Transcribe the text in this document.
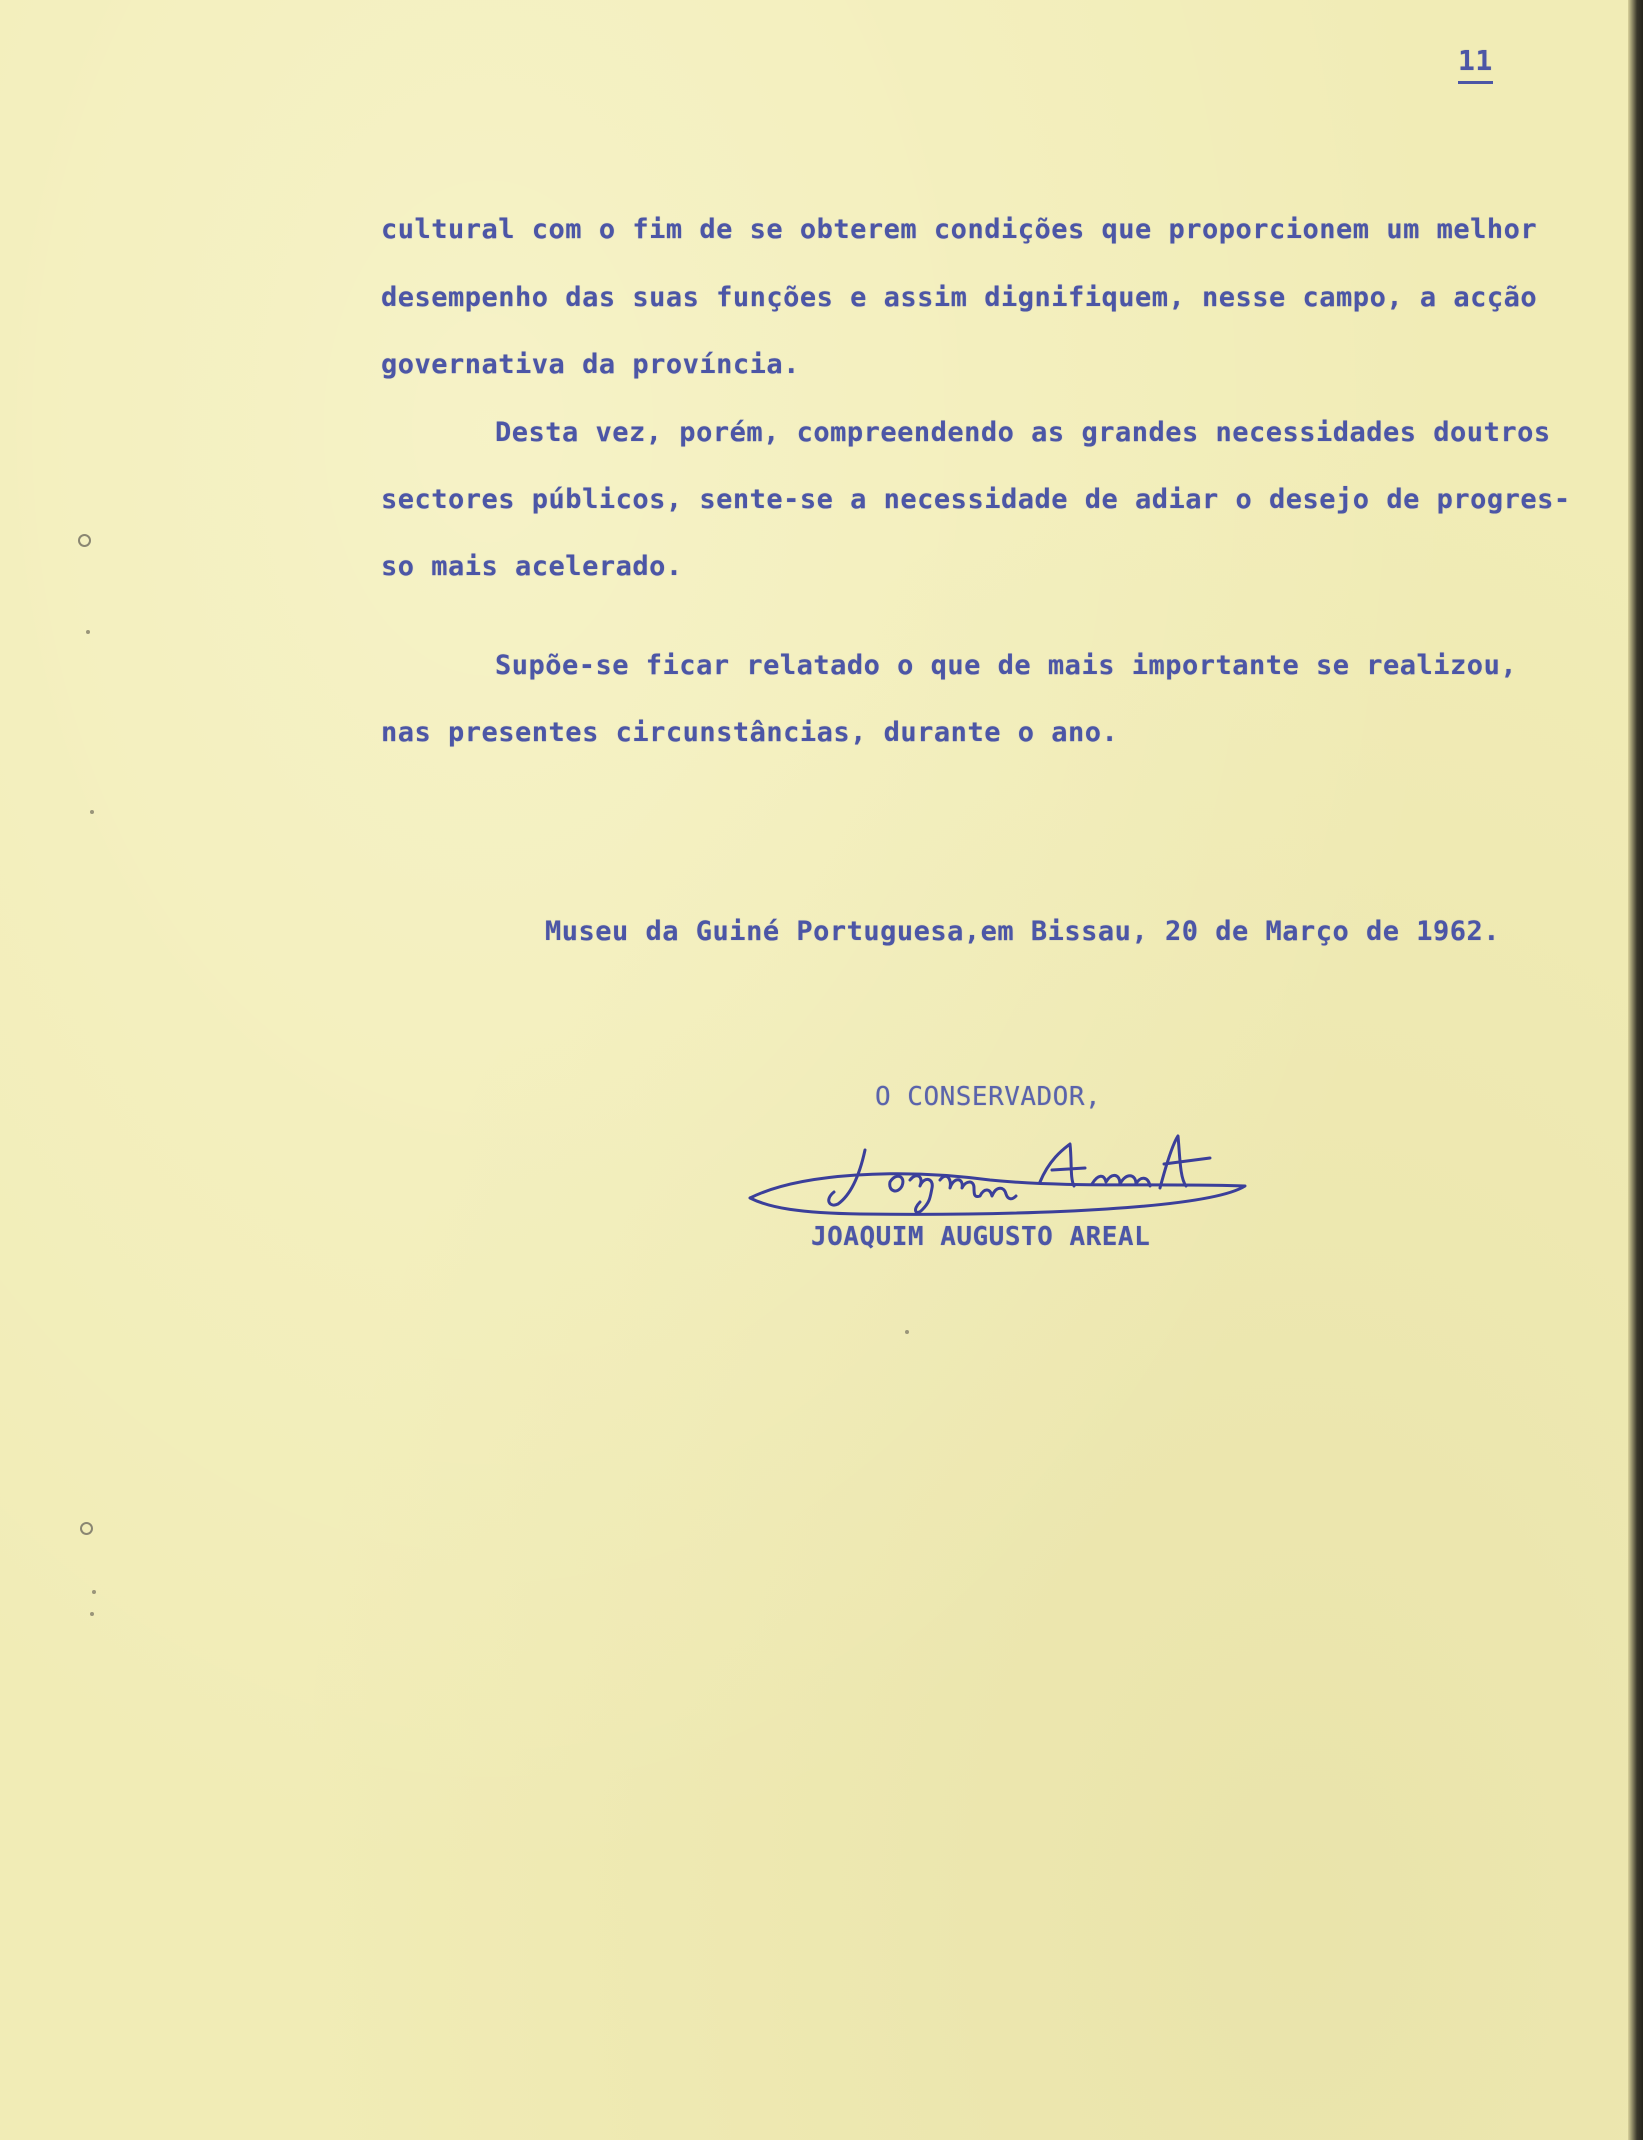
11
cultural com o fim de se obterem condições que proporcionem um melhor
desempenho das suas funções e assim dignifiquem, nesse campo, a acção
governativa da província.
Desta vez, porém, compreendendo as grandes necessidades doutros
sectores públicos, sente-se a necessidade de adiar o desejo de progres-
so mais acelerado.
Supõe-se ficar relatado o que de mais importante se realizou,
nas presentes circunstâncias, durante o ano.
Museu da Guiné Portuguesa,em Bissau, 20 de Março de 1962.
O CONSERVADOR,
JOAQUIM AUGUSTO AREAL
